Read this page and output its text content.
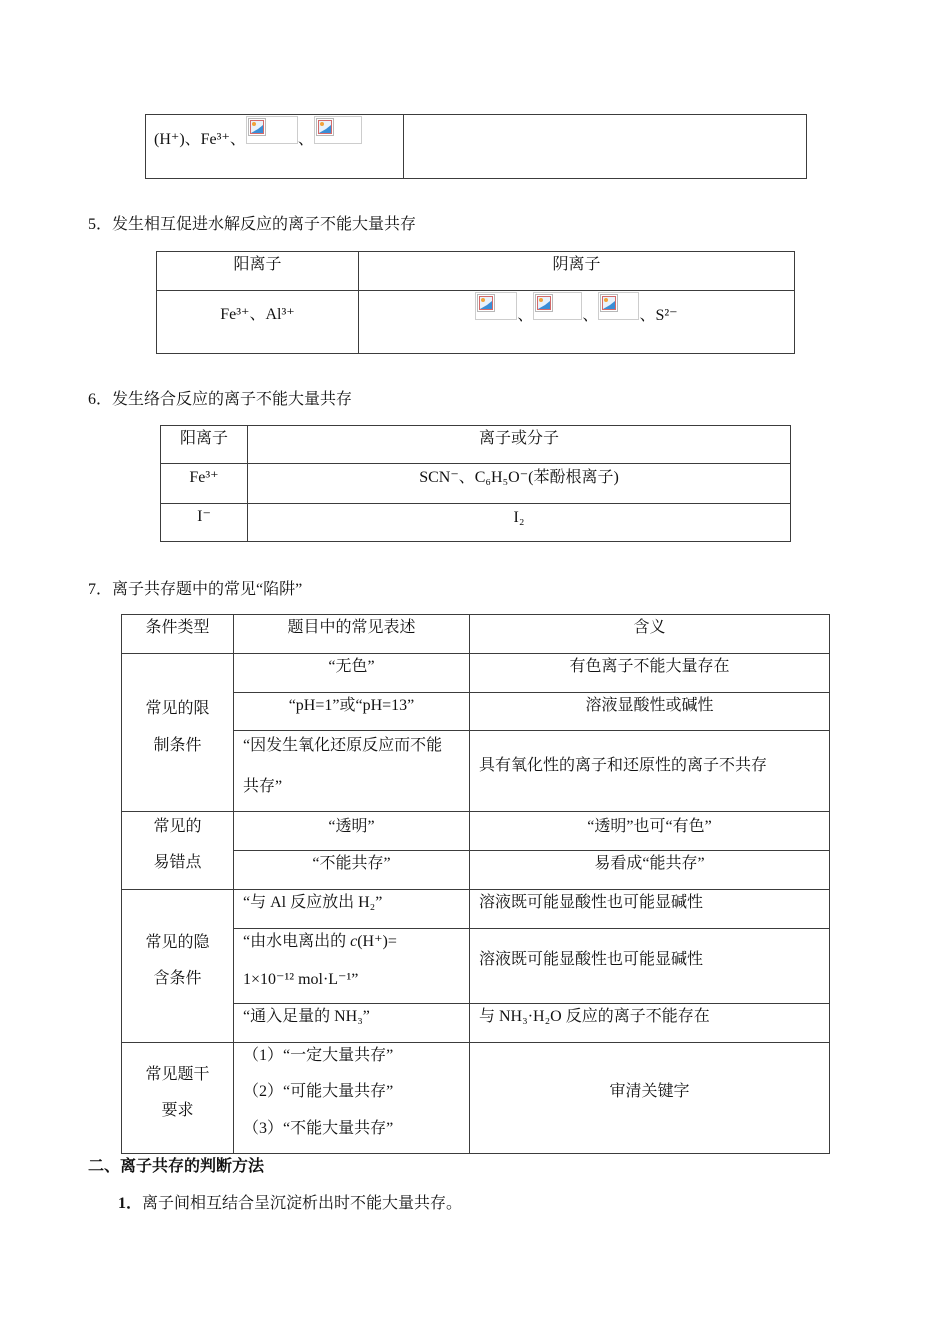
(H⁺)、Fe³⁺、	、

5．发生相互促进水解反应的离子不能大量共存
阳离子	阴离子
Fe³⁺、Al³⁺	、 、 、S²⁻
6．发生络合反应的离子不能大量共存
阳离子	离子或分子
Fe³⁺	SCN⁻、C₆H₅O⁻(苯酚根离子)
I⁻	I₂
7．离子共存题中的常见“陷阱”
条件类型	题目中的常见表述	含义

常见的限
制条件	“无色”	有色离子不能大量存在
	“pH=1”或“pH=13”	溶液显酸性或碱性

	“因发生氧化还原反应而不能
共存”	具有氧化性的离子和还原性的离子不共存

常见的
易错点	“透明”	“透明”也可“有色”
	“不能共存”	易看成“能共存”

常见的隐
含条件	“与 Al 反应放出 H₂”	溶液既可能显酸性也可能显碱性

	“由水电离出的 c(H⁺)=
1×10⁻¹² mol·L⁻¹”	溶液既可能显酸性也可能显碱性
	“通入足量的 NH₃”	与 NH₃·H₂O 反应的离子不能存在

常见题干
要求	（1）“一定大量共存”
（2）“可能大量共存”
（3）“不能大量共存”	审清关键字
二、离子共存的判断方法
1．离子间相互结合呈沉淀析出时不能大量共存。
